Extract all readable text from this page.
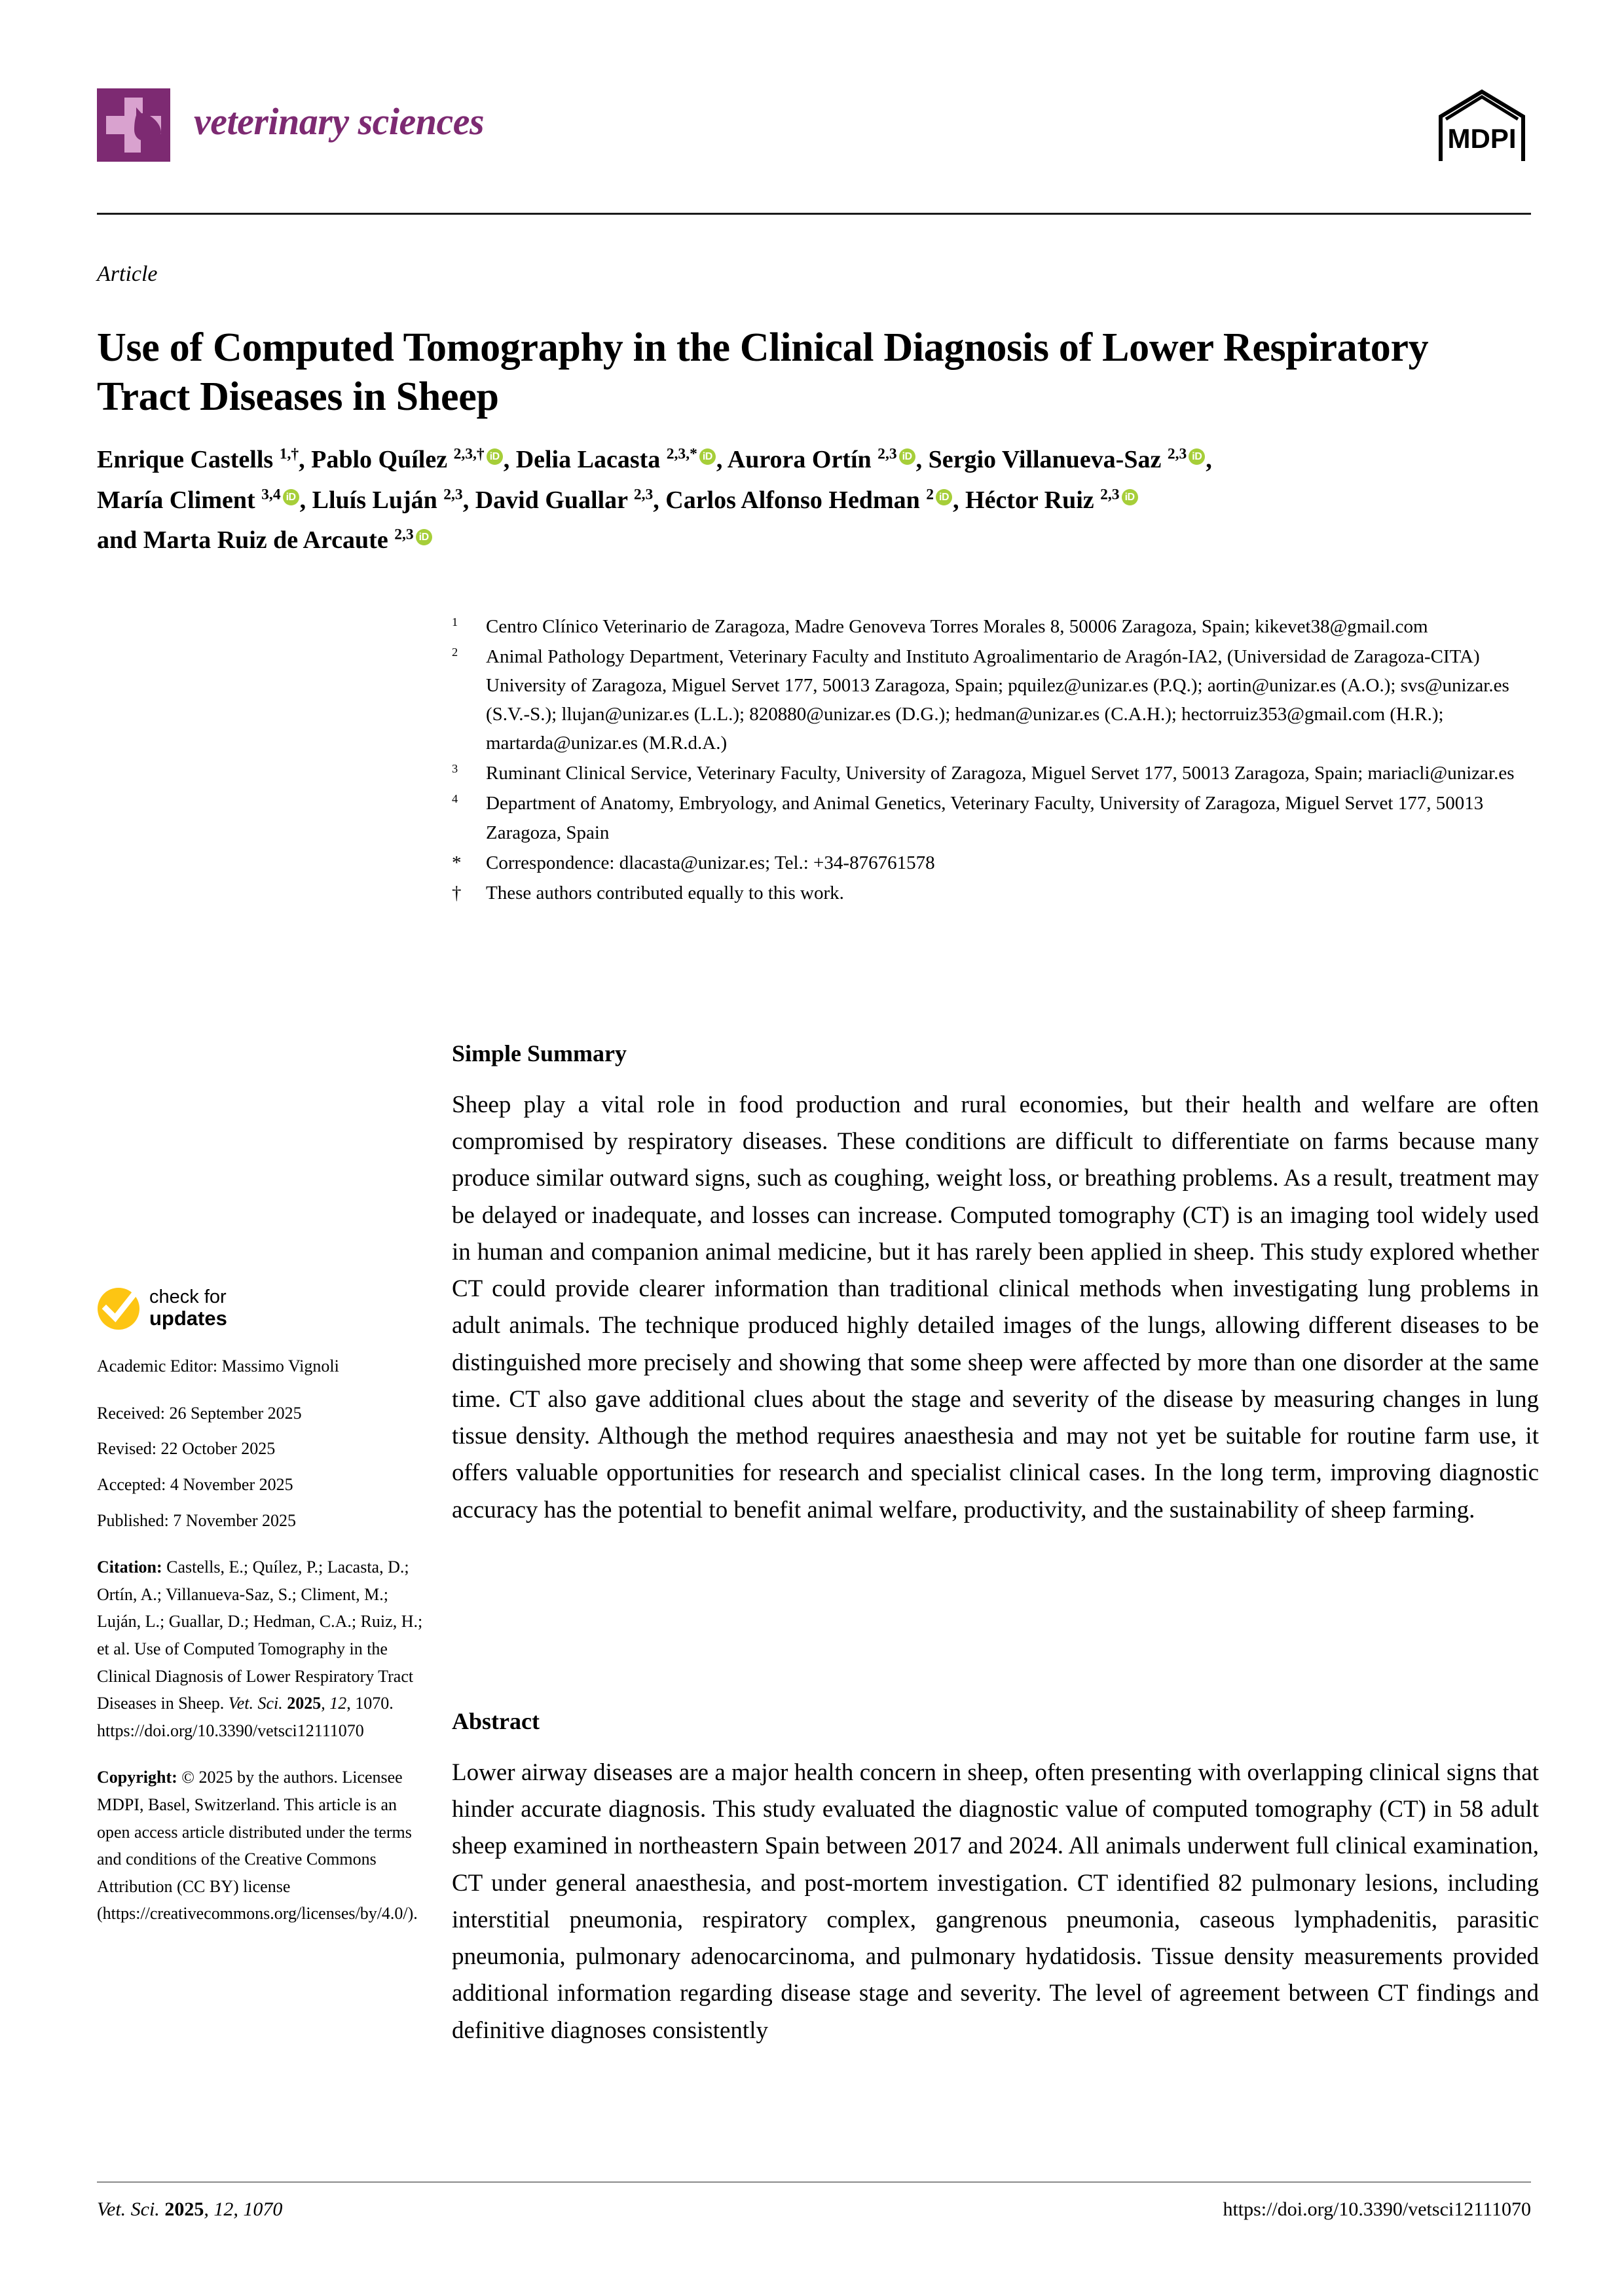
veterinary sciences	MDPI
Article
Use of Computed Tomography in the Clinical Diagnosis of Lower Respiratory Tract Diseases in Sheep
Enrique Castells $^{1,\dagger}$, Pablo Quílez $^{2,3,\dagger}$ iD , Delia Lacasta $^{2,3,*}$ iD , Aurora Ortín $^{2,3}$ iD , Sergio Villanueva-Saz $^{2,3}$ iD ,
María Climent $^{3,4}$ iD , Lluís Luján $^{2,3}$, David Guallar $^{2,3}$, Carlos Alfonso Hedman $^2$ iD , Héctor Ruiz $^{2,3}$ iD
and Marta Ruiz de Arcaute $^{2,3}$ iD
$^1$	Centro Clínico Veterinario de Zaragoza, Madre Genoveva Torres Morales 8, 50006 Zaragoza, Spain; kikevet38@gmail.com
$^2$	Animal Pathology Department, Veterinary Faculty and Instituto Agroalimentario de Aragón-IA2, (Universidad de Zaragoza-CITA) University of Zaragoza, Miguel Servet 177, 50013 Zaragoza, Spain; pquilez@unizar.es (P.Q.); aortin@unizar.es (A.O.); svs@unizar.es (S.V.-S.); llujan@unizar.es (L.L.); 820880@unizar.es (D.G.); hedman@unizar.es (C.A.H.); hectorruiz353@gmail.com (H.R.); martarda@unizar.es (M.R.d.A.)
$^3$	Ruminant Clinical Service, Veterinary Faculty, University of Zaragoza, Miguel Servet 177, 50013 Zaragoza, Spain; mariacli@unizar.es
$^4$	Department of Anatomy, Embryology, and Animal Genetics, Veterinary Faculty, University of Zaragoza, Miguel Servet 177, 50013 Zaragoza, Spain
*	Correspondence: dlacasta@unizar.es; Tel.: +34-876761578
†	These authors contributed equally to this work.
Simple Summary
Sheep play a vital role in food production and rural economies, but their health and welfare are often compromised by respiratory diseases. These conditions are difficult to differentiate on farms because many produce similar outward signs, such as coughing, weight loss, or breathing problems. As a result, treatment may be delayed or inadequate, and losses can increase. Computed tomography (CT) is an imaging tool widely used in human and companion animal medicine, but it has rarely been applied in sheep. This study explored whether CT could provide clearer information than traditional clinical methods when investigating lung problems in adult animals. The technique produced highly detailed images of the lungs, allowing different diseases to be distinguished more precisely and showing that some sheep were affected by more than one disorder at the same time. CT also gave additional clues about the stage and severity of the disease by measuring changes in lung tissue density. Although the method requires anaesthesia and may not yet be suitable for routine farm use, it offers valuable opportunities for research and specialist clinical cases. In the long term, improving diagnostic accuracy has the potential to benefit animal welfare, productivity, and the sustainability of sheep farming.
Abstract
Lower airway diseases are a major health concern in sheep, often presenting with overlapping clinical signs that hinder accurate diagnosis. This study evaluated the diagnostic value of computed tomography (CT) in 58 adult sheep examined in northeastern Spain between 2017 and 2024. All animals underwent full clinical examination, CT under general anaesthesia, and post-mortem investigation. CT identified 82 pulmonary lesions, including interstitial pneumonia, respiratory complex, gangrenous pneumonia, caseous lymphadenitis, parasitic pneumonia, pulmonary adenocarcinoma, and pulmonary hydatidosis. Tissue density measurements provided additional information regarding disease stage and severity. The level of agreement between CT findings and definitive diagnoses consistently
check for
updates
Academic Editor: Massimo Vignoli
Received: 26 September 2025
Revised: 22 October 2025
Accepted: 4 November 2025
Published: 7 November 2025
Citation: Castells, E.; Quílez, P.; Lacasta, D.; Ortín, A.; Villanueva-Saz, S.; Climent, M.; Luján, L.; Guallar, D.; Hedman, C.A.; Ruiz, H.; et al. Use of Computed Tomography in the Clinical Diagnosis of Lower Respiratory Tract Diseases in Sheep. Vet. Sci. 2025, 12, 1070. https://doi.org/10.3390/vetsci12111070
Copyright: © 2025 by the authors. Licensee MDPI, Basel, Switzerland. This article is an open access article distributed under the terms and conditions of the Creative Commons Attribution (CC BY) license (https://creativecommons.org/licenses/by/4.0/).
Vet. Sci. 2025, 12, 1070	https://doi.org/10.3390/vetsci12111070
